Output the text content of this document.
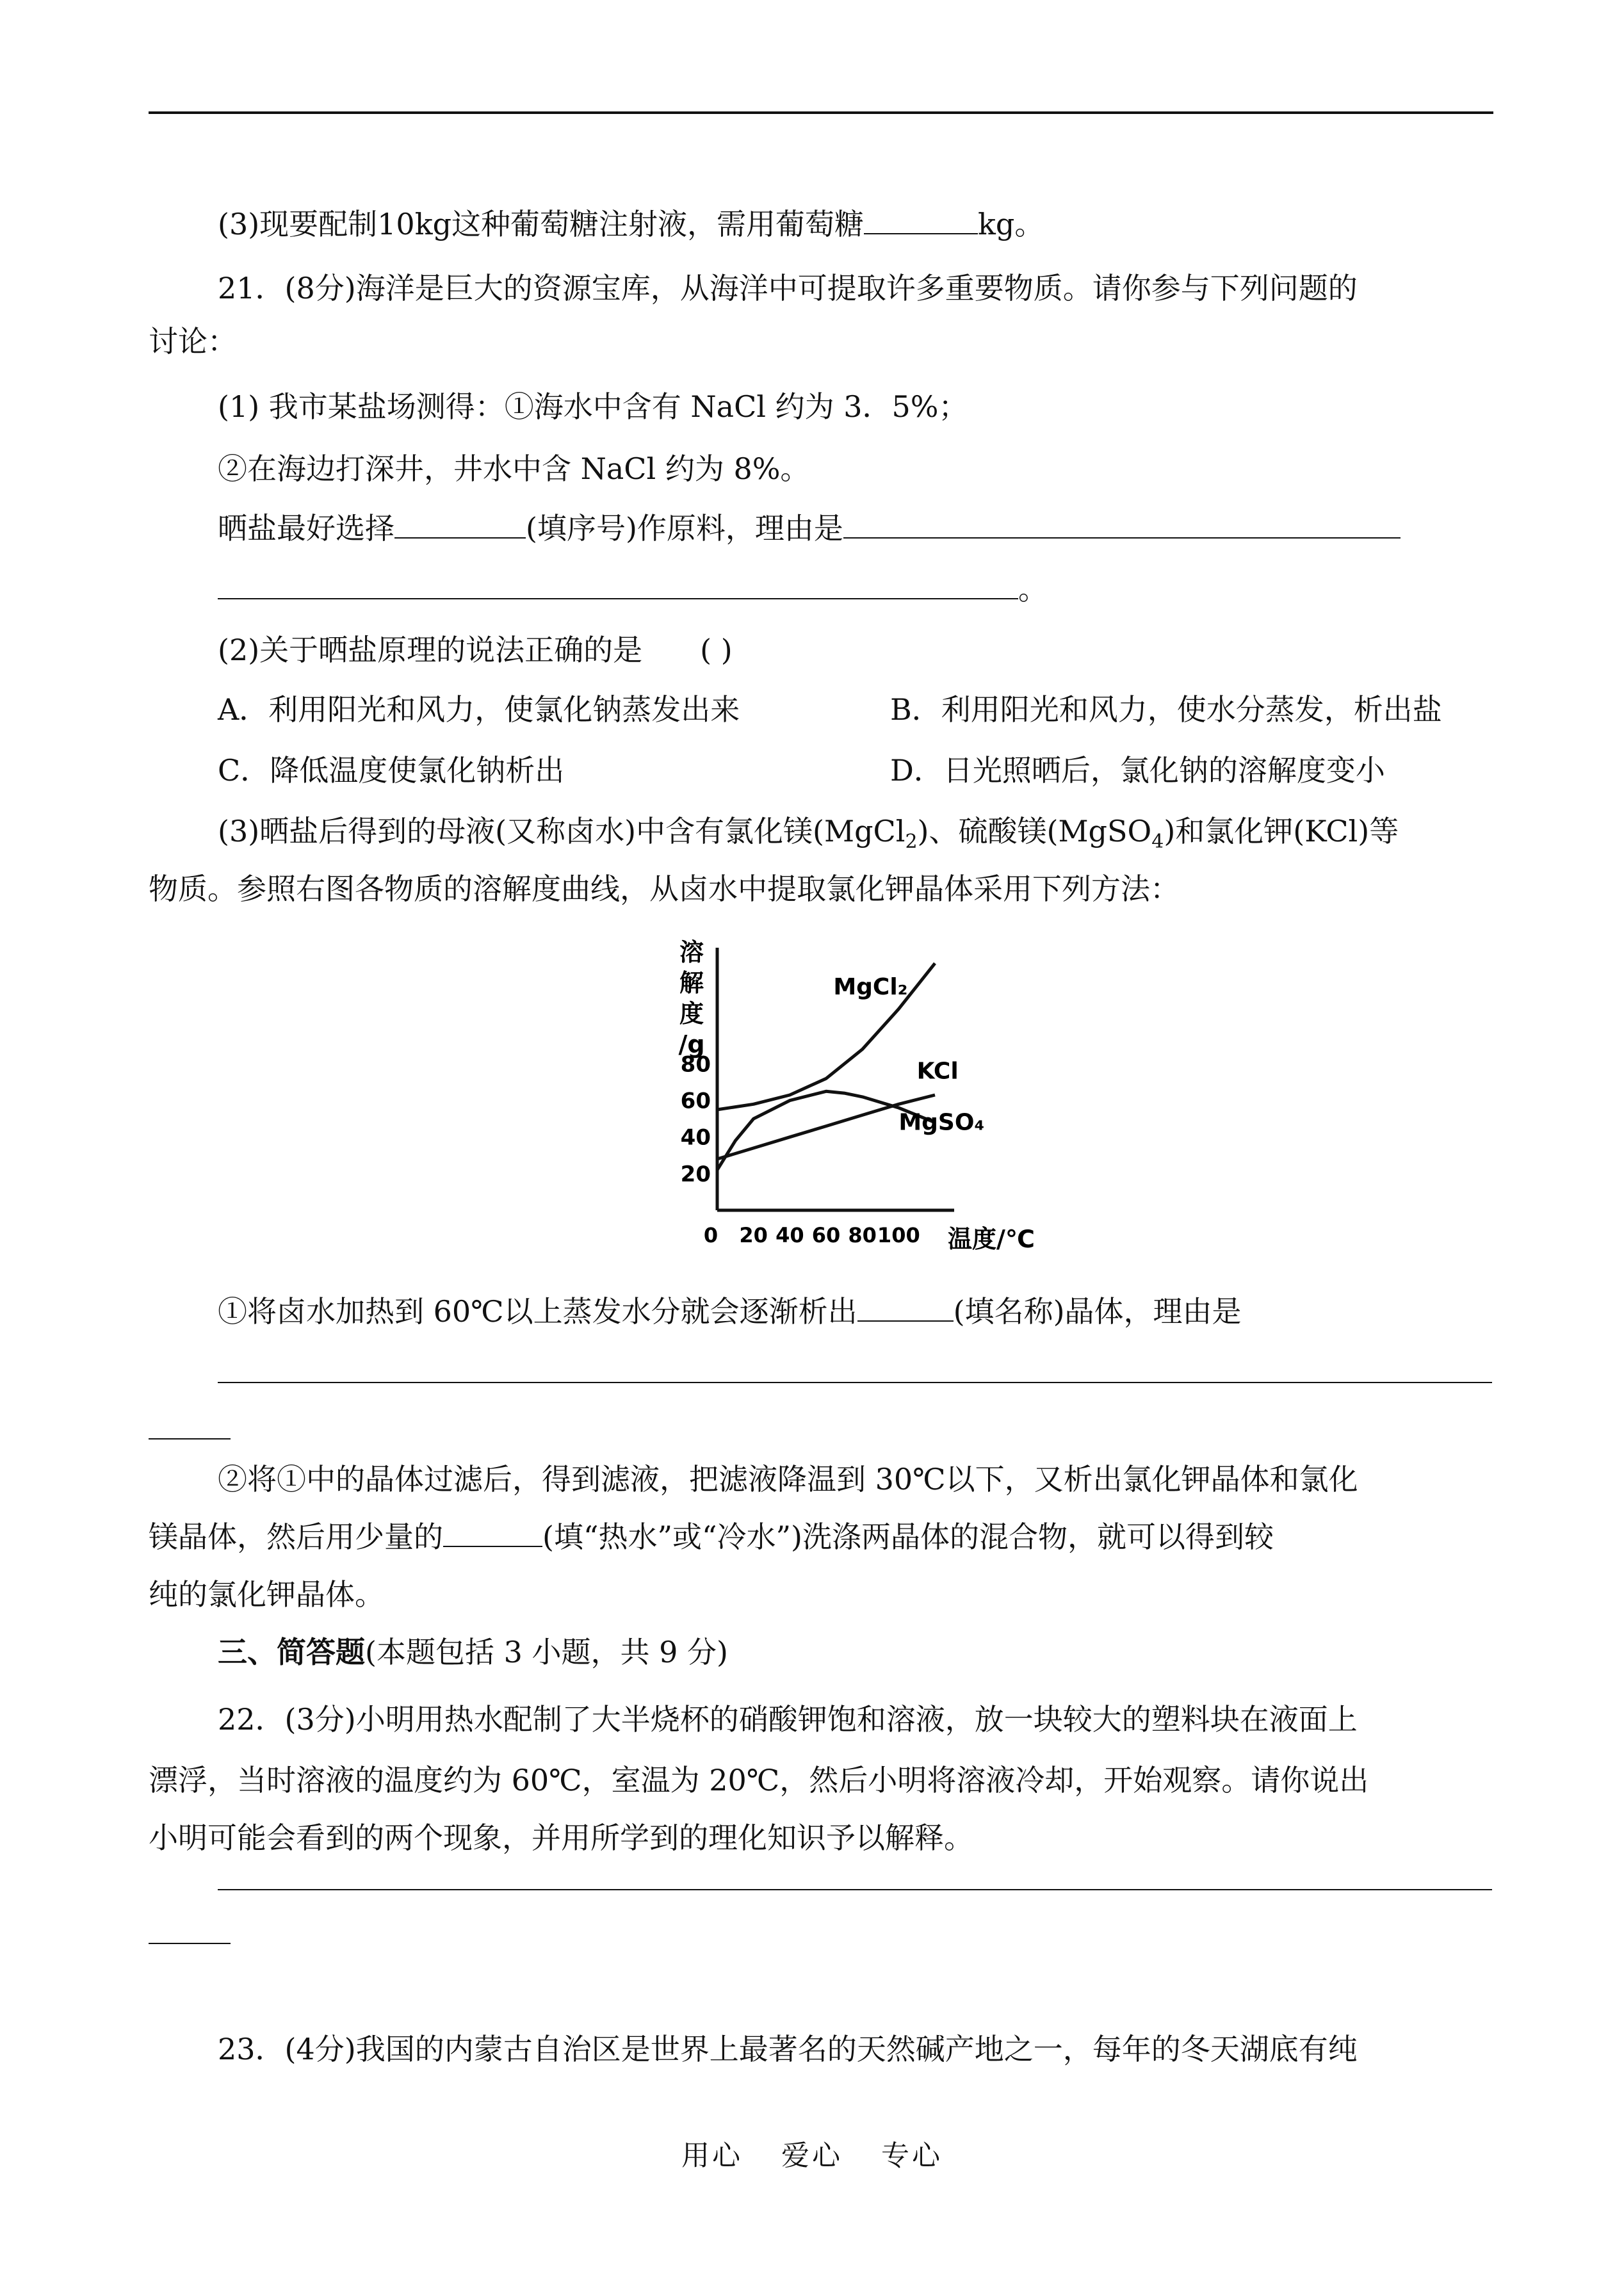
(3)现要配制10kg这种葡萄糖注射液，需用葡萄糖	kg。
21．(8分)海洋是巨大的资源宝库，从海洋中可提取许多重要物质。请你参与下列问题的
讨论：
(1) 我市某盐场测得：①海水中含有 NaCl 约为 3．5%；
②在海边打深井，井水中含 NaCl 约为 8%。
晒盐最好选择	(填序号)作原料，理由是
。
(2)关于晒盐原理的说法正确的是 ( )
A．利用阳光和风力，使氯化钠蒸发出来	B．利用阳光和风力，使水分蒸发，析出盐
C．降低温度使氯化钠析出	D．日光照晒后，氯化钠的溶解度变小
(3)晒盐后得到的母液(又称卤水)中含有氯化镁(MgCl$_2$)、硫酸镁(MgSO$_4$)和氯化钾(KCl)等
物质。参照右图各物质的溶解度曲线，从卤水中提取氯化钾晶体采用下列方法：
溶
解
度
/g
80
60
40
20
0 20 40 60 80 100 温度/℃
MgCl₂
KCl
MgSO₄
①将卤水加热到 60℃以上蒸发水分就会逐渐析出	(填名称)晶体，理由是
②将①中的晶体过滤后，得到滤液，把滤液降温到 30℃以下，又析出氯化钾晶体和氯化
镁晶体，然后用少量的	(填“热水”或“冷水”)洗涤两晶体的混合物，就可以得到较
纯的氯化钾晶体。
三、简答题(本题包括 3 小题，共 9 分)
22．(3分)小明用热水配制了大半烧杯的硝酸钾饱和溶液，放一块较大的塑料块在液面上
漂浮，当时溶液的温度约为 60℃，室温为 20℃，然后小明将溶液冷却，开始观察。请你说出
小明可能会看到的两个现象，并用所学到的理化知识予以解释。
23．(4分)我国的内蒙古自治区是世界上最著名的天然碱产地之一，每年的冬天湖底有纯
用心 爱心 专心
